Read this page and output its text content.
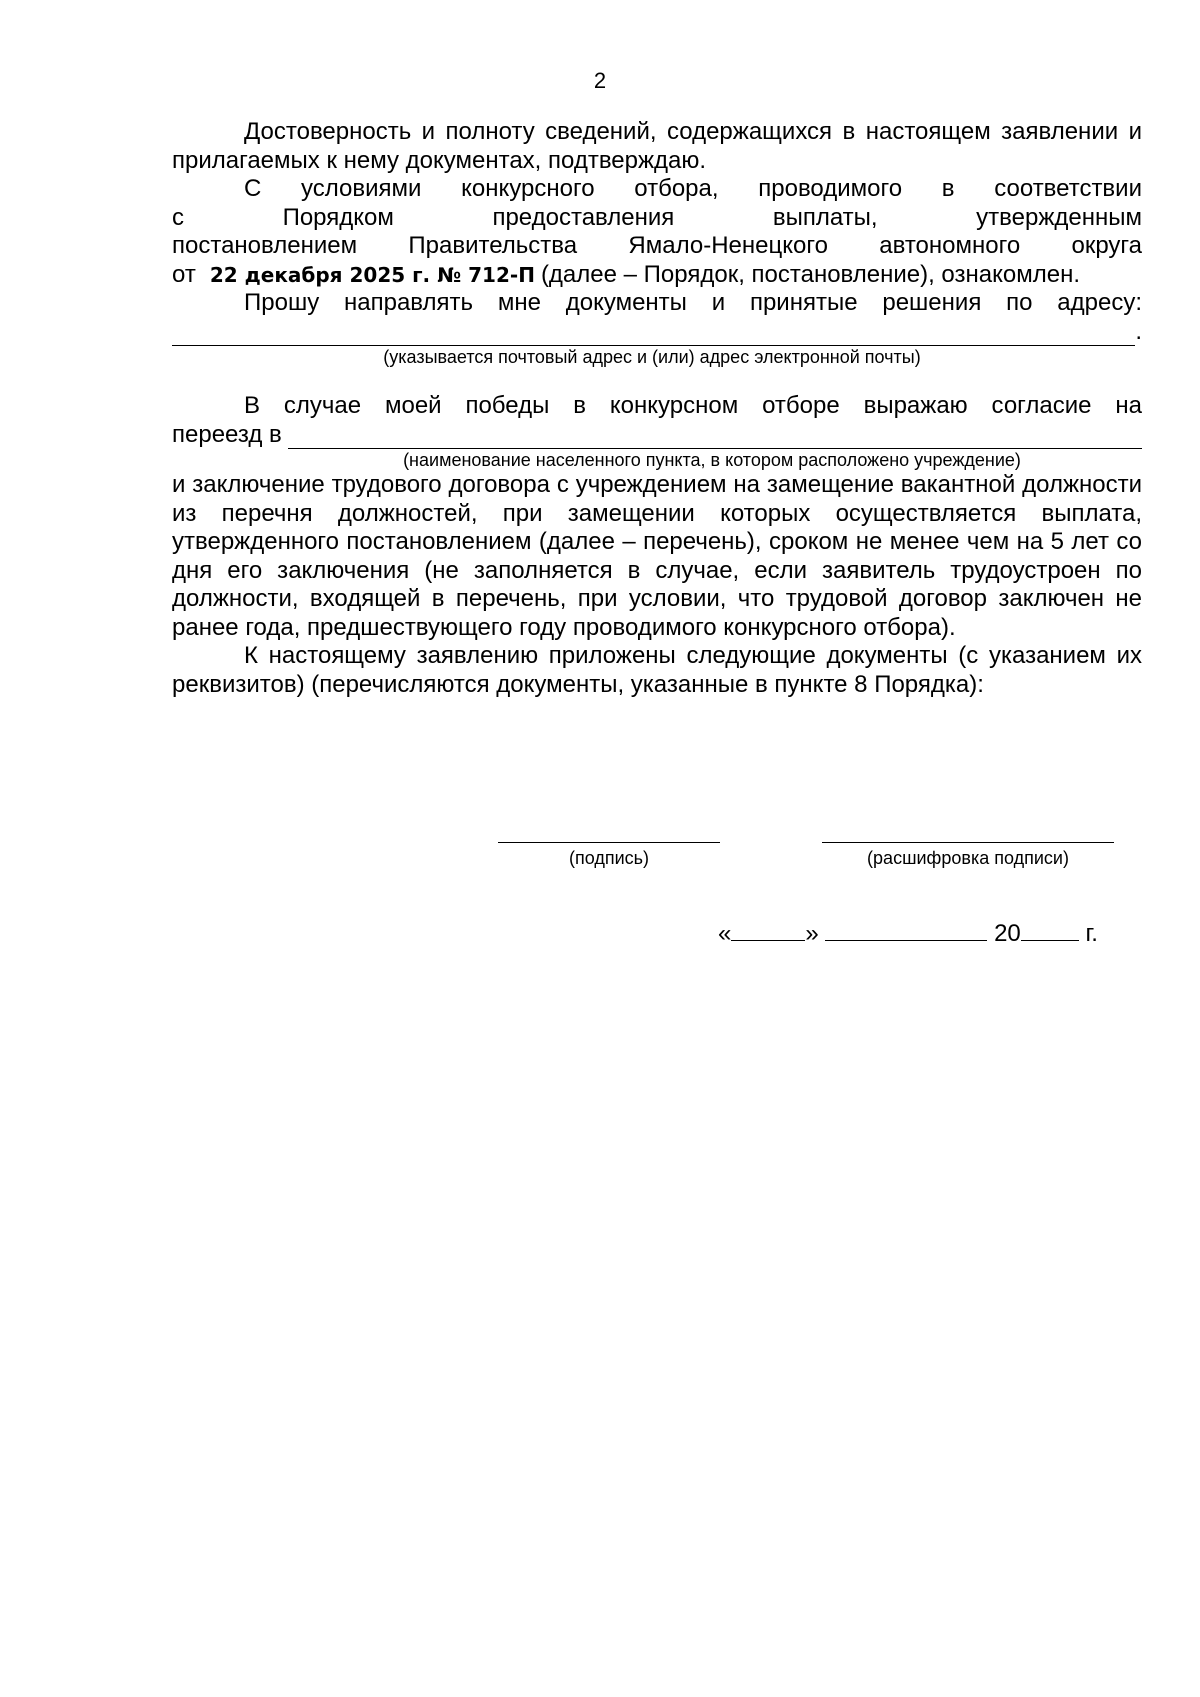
2

Достоверность и полноту сведений, содержащихся в настоящем заявлении и прилагаемых к нему документах, подтверждаю.

С условиями конкурсного отбора, проводимого в соответствии

с Порядком предоставления выплаты, утвержденным

постановлением Правительства Ямало-Ненецкого автономного округа

от 22 декабря 2025 г. № 712-П (далее – Порядок, постановление), ознакомлен.

Прошу направлять мне документы и принятые решения по адресу:

.
(указывается почтовый адрес и (или) адрес электронной почты)

В случае моей победы в конкурсном отборе выражаю согласие на

переезд в
(наименование населенного пункта, в котором расположено учреждение)

и заключение трудового договора с учреждением на замещение вакантной должности из перечня должностей, при замещении которых осуществляется выплата, утвержденного постановлением (далее – перечень), сроком не менее чем на 5 лет со дня его заключения (не заполняется в случае, если заявитель трудоустроен по должности, входящей в перечень, при условии, что трудовой договор заключен не ранее года, предшествующего году проводимого конкурсного отбора).

К настоящему заявлению приложены следующие документы (с указанием их реквизитов) (перечисляются документы, указанные в пункте 8 Порядка):

(подпись)	(расшифровка подписи)
«	»	20	г.
